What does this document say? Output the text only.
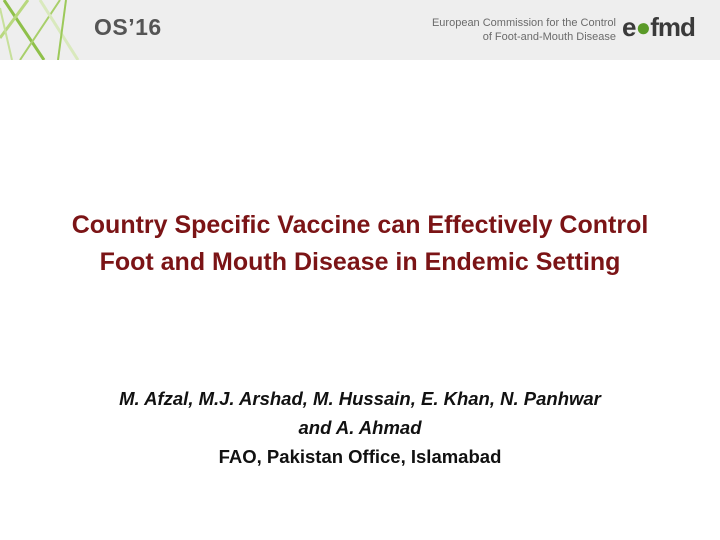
OS’16	European Commission for the Control
of Foot-and-Mouth Disease e●fmd
Country Specific Vaccine can Effectively Control
Foot and Mouth Disease in Endemic Setting
M. Afzal, M.J. Arshad, M. Hussain, E. Khan, N. Panhwar
and A. Ahmad
FAO, Pakistan Office, Islamabad
